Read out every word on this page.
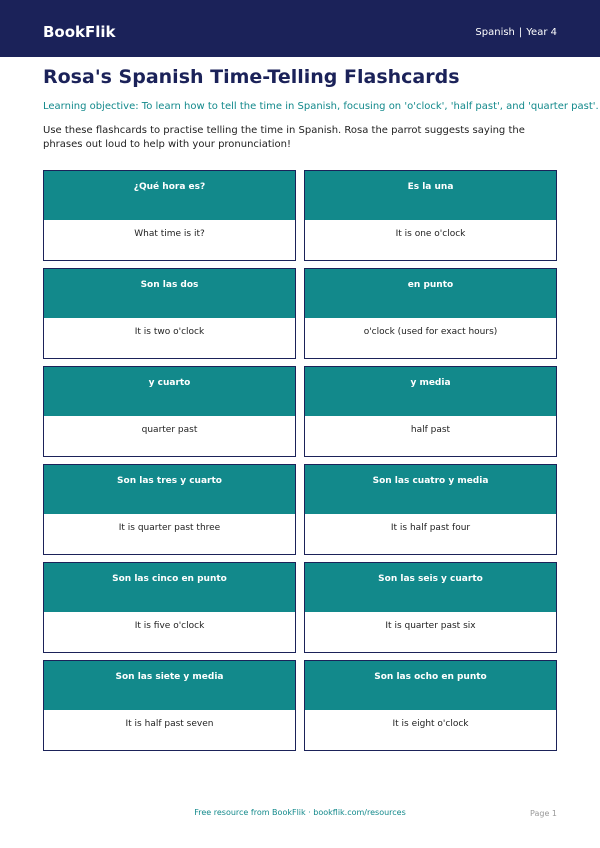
BookFlik	Spanish | Year 4
Rosa's Spanish Time-Telling Flashcards
Learning objective: To learn how to tell the time in Spanish, focusing on 'o'clock', 'half past', and 'quarter past'.
Use these flashcards to practise telling the time in Spanish. Rosa the parrot suggests saying the phrases out loud to help with your pronunciation!
¿Qué hora es?
What time is it?
Es la una
It is one o'clock
Son las dos
It is two o'clock
en punto
o'clock (used for exact hours)
y cuarto
quarter past
y media
half past
Son las tres y cuarto
It is quarter past three
Son las cuatro y media
It is half past four
Son las cinco en punto
It is five o'clock
Son las seis y cuarto
It is quarter past six
Son las siete y media
It is half past seven
Son las ocho en punto
It is eight o'clock
Free resource from BookFlik · bookflik.com/resources	Page 1
